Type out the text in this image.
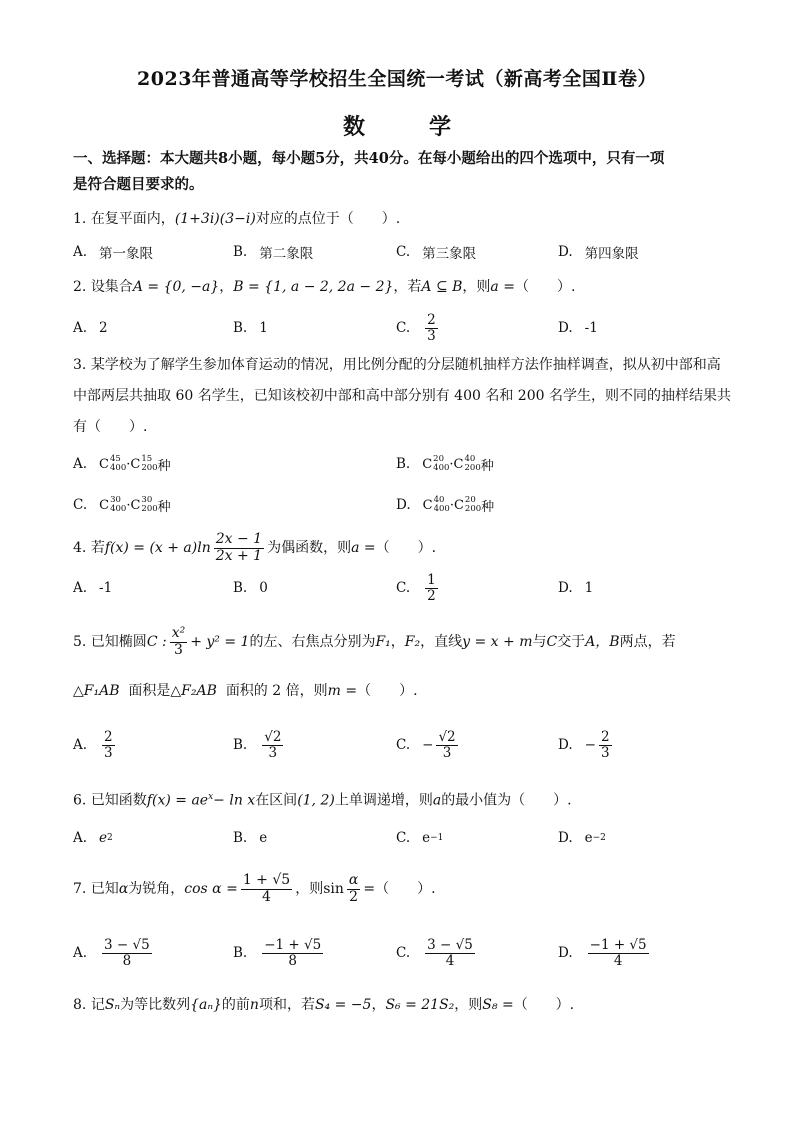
2023年普通高等学校招生全国统一考试（新高考全国Ⅱ卷）
数	学
一、选择题：本大题共8小题，每小题5分，共40分。在每小题给出的四个选项中，只有一项
是符合题目要求的。
1. 在复平面内，(1+3i)(3−i)对应的点位于（　　）.
A. 第一象限	B. 第二象限	C. 第三象限	D. 第四象限
2. 设集合A = {0, −a}，B = {1, a − 2, 2a − 2}，若A ⊆ B，则a =（　　）.
A. 2	B. 1	C. $\frac{2}{3}$	D. -1
3. 某学校为了解学生参加体育运动的情况，用比例分配的分层随机抽样方法作抽样调查，拟从初中部和高
中部两层共抽取 60 名学生，已知该校初中部和高中部分别有 400 名和 200 名学生，则不同的抽样结果共
有（　　）.
A. C 45
400 ·C 15
200 种	B. C 20
400 ·C 40
200 种
C. C 30
400 ·C 30
200 种	D. C 40
400 ·C 20
200 种
4. 若$f(x) = (x + a)\ln \frac{2x - 1}{2x + 1}$ 为偶函数，则a =（　　）.
A. -1	B. 0	C. $\frac{1}{2}$	D. 1
5. 已知椭圆C : $\frac{\text{x²}}{3} + y^2 = 1$的左、右焦点分别为F₁，F₂，直线y = x + m与C交于A，B两点，若
△F₁AB 面积是△F₂AB 面积的 2 倍，则m =（　　）.
A. $\frac{2}{3}$	B. $\frac{√2}{3}$	C. − $\frac{√2}{3}$	D. − $\frac{2}{3}$
6. 已知函数$f(x) = ae^x- \ln x$在区间(1, 2)上单调递增，则a的最小值为（　　）.
A. e 2	B. e	C. e −1	D. e −2
7. 已知α为锐角，$\cos \alpha = \frac{1 + √5}{4}$ ，则$\sin \frac{\alpha}{2}$ =（　　）.
A. $\frac{3 - √5}{8}$	B. $\frac{-1 + √5}{8}$	C. $\frac{3 - √5}{4}$	D. $\frac{-1 + √5}{4}$
8. 记Sₙ为等比数列{aₙ}的前n项和，若S₄ = −5，S₆ = 21S₂，则S₈ =（　　）.
